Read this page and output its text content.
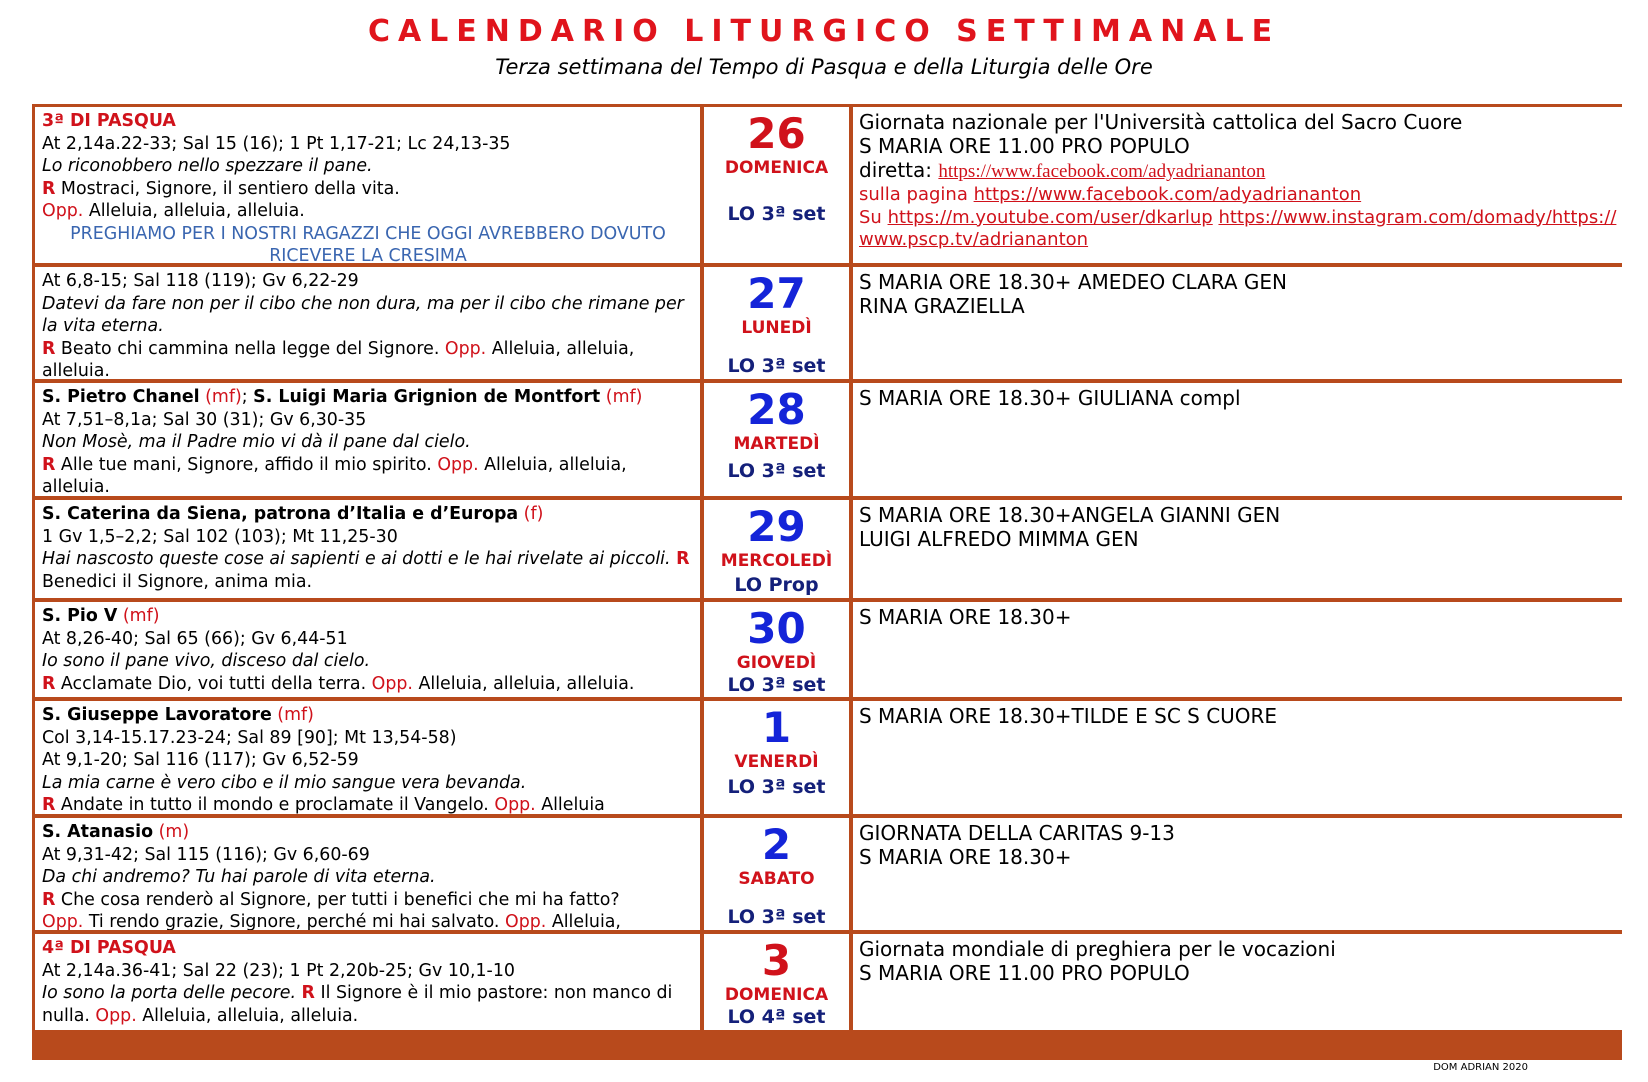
CALENDARIO LITURGICO SETTIMANALE
Terza settimana del Tempo di Pasqua e della Liturgia delle Ore
3ª DI PASQUA
At 2,14a.22-33; Sal 15 (16); 1 Pt 1,17-21; Lc 24,13-35
Lo riconobbero nello spezzare il pane.
R Mostraci, Signore, il sentiero della vita.
Opp. Alleluia, alleluia, alleluia.
PREGHIAMO PER I NOSTRI RAGAZZI CHE OGGI AVREBBERO DOVUTO RICEVERE LA CRESIMA
26
DOMENICA
LO 3ª set
Giornata nazionale per l'Università cattolica del Sacro Cuore
S MARIA ORE 11.00 PRO POPULO
diretta: https://www.facebook.com/adyadriananton
sulla pagina https://www.facebook.com/adyadriananton
Su https://m.youtube.com/user/dkarlup https://www.instagram.com/domady/https://www.pscp.tv/adriananton
At 6,8-15; Sal 118 (119); Gv 6,22-29
Datevi da fare non per il cibo che non dura, ma per il cibo che rimane per la vita eterna.
R Beato chi cammina nella legge del Signore. Opp. Alleluia, alleluia, alleluia.
27
LUNEDÌ
LO 3ª set
S MARIA ORE 18.30+ AMEDEO CLARA GEN
RINA GRAZIELLA
S. Pietro Chanel (mf); S. Luigi Maria Grignion de Montfort (mf)
At 7,51–8,1a; Sal 30 (31); Gv 6,30-35
Non Mosè, ma il Padre mio vi dà il pane dal cielo.
R Alle tue mani, Signore, affido il mio spirito. Opp. Alleluia, alleluia, alleluia.
28
MARTEDÌ
LO 3ª set
S MARIA ORE 18.30+ GIULIANA compl
S. Caterina da Siena, patrona d’Italia e d’Europa (f)
1 Gv 1,5–2,2; Sal 102 (103); Mt 11,25-30
Hai nascosto queste cose ai sapienti e ai dotti e le hai rivelate ai piccoli. R Benedici il Signore, anima mia.
29
MERCOLEDÌ
LO Prop
S MARIA ORE 18.30+ANGELA GIANNI GEN
LUIGI ALFREDO MIMMA GEN
S. Pio V (mf)
At 8,26-40; Sal 65 (66); Gv 6,44-51
Io sono il pane vivo, disceso dal cielo.
R Acclamate Dio, voi tutti della terra. Opp. Alleluia, alleluia, alleluia.
30
GIOVEDÌ
LO 3ª set
S MARIA ORE 18.30+
S. Giuseppe Lavoratore (mf)
Col 3,14-15.17.23-24; Sal 89 [90]; Mt 13,54-58)
At 9,1-20; Sal 116 (117); Gv 6,52-59
La mia carne è vero cibo e il mio sangue vera bevanda.
R Andate in tutto il mondo e proclamate il Vangelo. Opp. Alleluia
1
VENERDÌ
LO 3ª set
S MARIA ORE 18.30+TILDE E SC S CUORE
S. Atanasio (m)
At 9,31-42; Sal 115 (116); Gv 6,60-69
Da chi andremo? Tu hai parole di vita eterna.
R Che cosa renderò al Signore, per tutti i benefici che mi ha fatto?
Opp. Ti rendo grazie, Signore, perché mi hai salvato. Opp. Alleluia,
2
SABATO
LO 3ª set
GIORNATA DELLA CARITAS 9-13
S MARIA ORE 18.30+
4ª DI PASQUA
At 2,14a.36-41; Sal 22 (23); 1 Pt 2,20b-25; Gv 10,1-10
Io sono la porta delle pecore. R Il Signore è il mio pastore: non manco di nulla. Opp. Alleluia, alleluia, alleluia.
3
DOMENICA
LO 4ª set
Giornata mondiale di preghiera per le vocazioni
S MARIA ORE 11.00 PRO POPULO
DOM ADRIAN 2020
